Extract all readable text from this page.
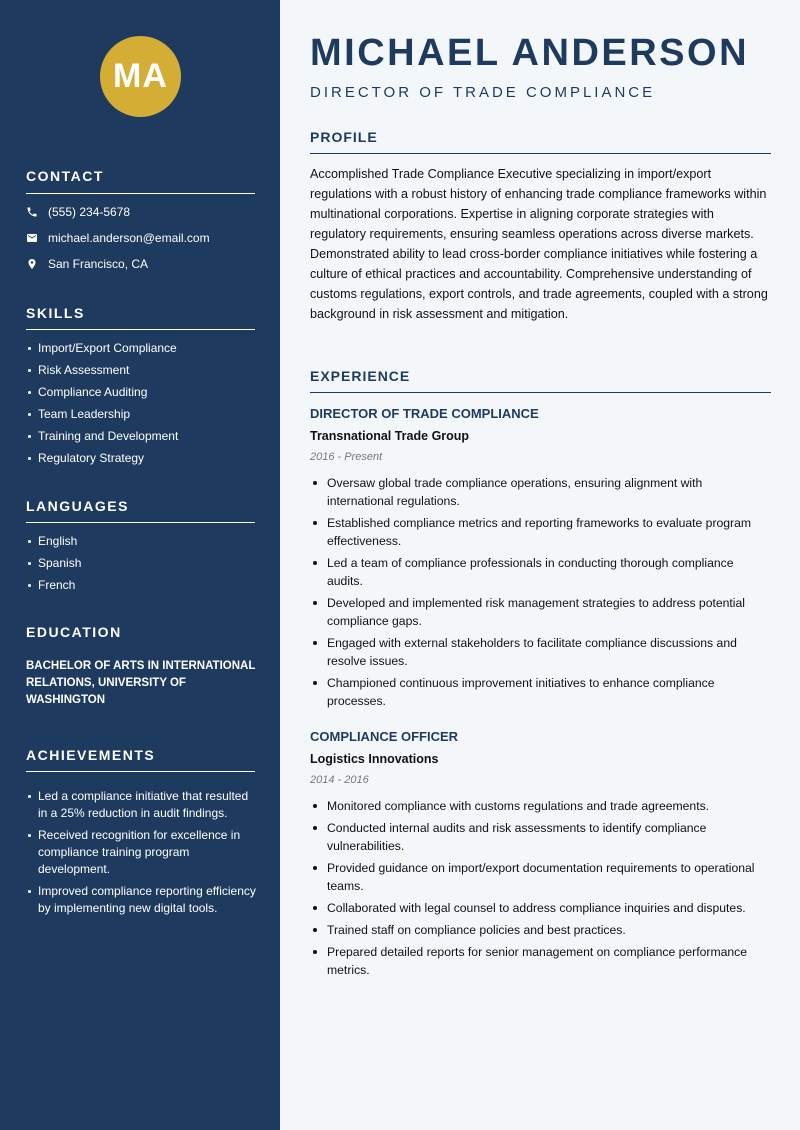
MA
CONTACT
(555) 234-5678
michael.anderson@email.com
San Francisco, CA
SKILLS
Import/Export Compliance
Risk Assessment
Compliance Auditing
Team Leadership
Training and Development
Regulatory Strategy
LANGUAGES
English
Spanish
French
EDUCATION
BACHELOR OF ARTS IN INTERNATIONAL RELATIONS, UNIVERSITY OF WASHINGTON
ACHIEVEMENTS
Led a compliance initiative that resulted in a 25% reduction in audit findings.
Received recognition for excellence in compliance training program development.
Improved compliance reporting efficiency by implementing new digital tools.
MICHAEL ANDERSON
DIRECTOR OF TRADE COMPLIANCE
PROFILE
Accomplished Trade Compliance Executive specializing in import/export regulations with a robust history of enhancing trade compliance frameworks within multinational corporations. Expertise in aligning corporate strategies with regulatory requirements, ensuring seamless operations across diverse markets. Demonstrated ability to lead cross-border compliance initiatives while fostering a culture of ethical practices and accountability. Comprehensive understanding of customs regulations, export controls, and trade agreements, coupled with a strong background in risk assessment and mitigation.
EXPERIENCE
DIRECTOR OF TRADE COMPLIANCE
Transnational Trade Group
2016 - Present
Oversaw global trade compliance operations, ensuring alignment with international regulations.
Established compliance metrics and reporting frameworks to evaluate program effectiveness.
Led a team of compliance professionals in conducting thorough compliance audits.
Developed and implemented risk management strategies to address potential compliance gaps.
Engaged with external stakeholders to facilitate compliance discussions and resolve issues.
Championed continuous improvement initiatives to enhance compliance processes.
COMPLIANCE OFFICER
Logistics Innovations
2014 - 2016
Monitored compliance with customs regulations and trade agreements.
Conducted internal audits and risk assessments to identify compliance vulnerabilities.
Provided guidance on import/export documentation requirements to operational teams.
Collaborated with legal counsel to address compliance inquiries and disputes.
Trained staff on compliance policies and best practices.
Prepared detailed reports for senior management on compliance performance metrics.
